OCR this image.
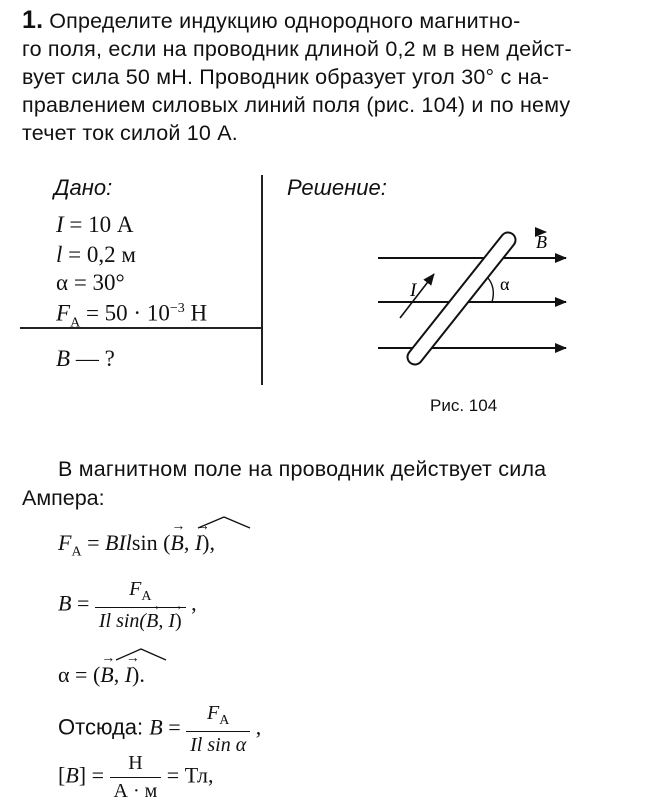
1. Определите индукцию однородного магнитно-
го поля, если на проводник длиной 0,2 м в нем дейст-
вует сила 50 мН. Проводник образует угол 30° с на-
правлением силовых линий поля (рис. 104) и по нему
течет ток силой 10 А.
Дано:	Решение:
I = 10 А
l = 0,2 м
α = 30°
$F_А = 50 \cdot 10^{-3}$ Н
B — ?
B
I	α
Рис. 104
В магнитном поле на проводник действует сила
Ампера:
$F_А = BIlsin$ (
→
B,
→
I),
$B = F_А$
Il sin(
→
B,
→
I) ,
α = (
→
B,
→
I).
Отсюда: $B = \frac{F_А}{\text{Il sin α}}$ ,
$[B] = \frac{Н}{А \cdot м}$ = Тл,
